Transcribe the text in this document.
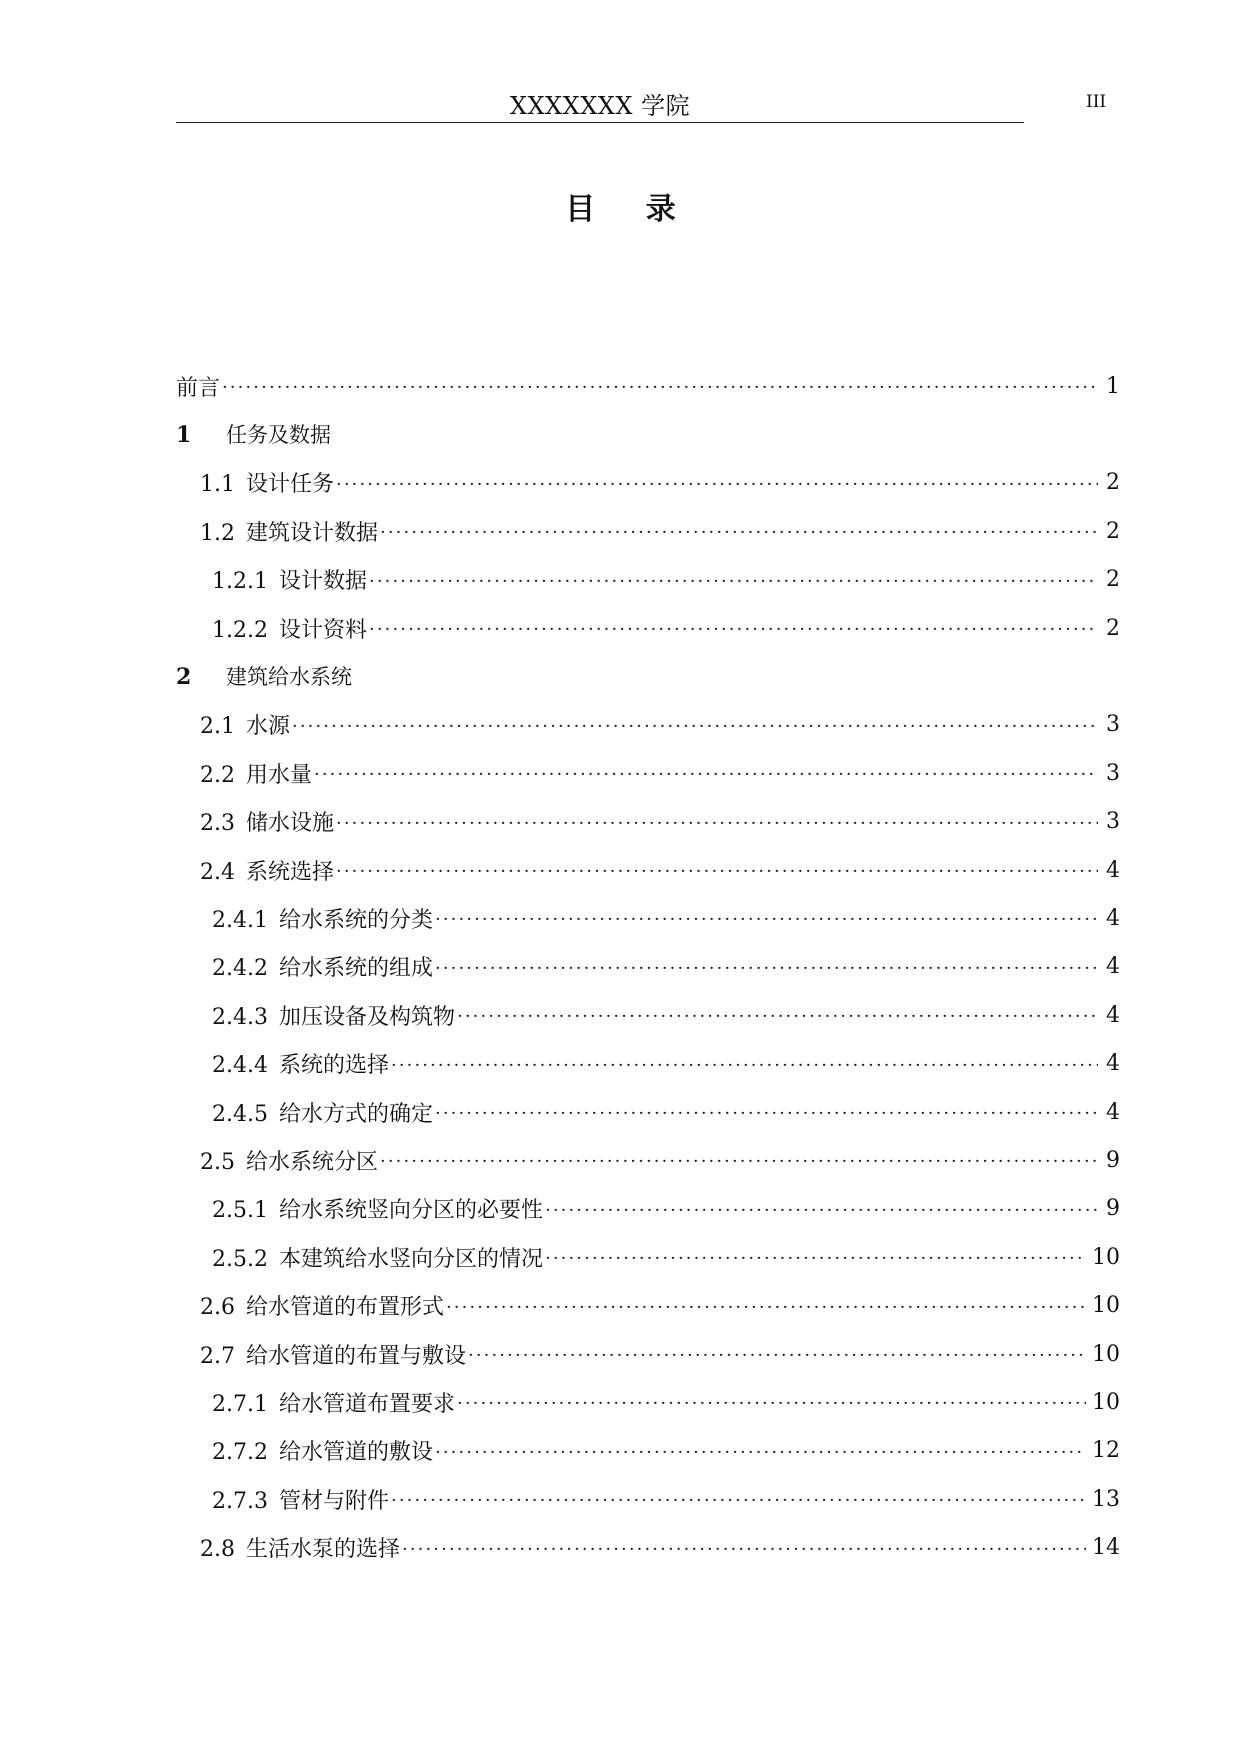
XXXXXXX 学院	III
目 录
前言 ·····	1
1 任务及数据
1.1  设计任务 ·····	2
1.2  建筑设计数据 ·····	2
1.2.1  设计数据 ·····	2
1.2.2  设计资料 ·····	2
2 建筑给水系统
2.1  水源 ·····	3
2.2  用水量 ·····	3
2.3  储水设施 ·····	3
2.4  系统选择 ·····	4
2.4.1  给水系统的分类 ·····	4
2.4.2  给水系统的组成 ·····	4
2.4.3  加压设备及构筑物 ·····	4
2.4.4  系统的选择 ·····	4
2.4.5  给水方式的确定 ·····	4
2.5  给水系统分区 ·····	9
2.5.1  给水系统竖向分区的必要性 ·····	9
2.5.2  本建筑给水竖向分区的情况 ·····	10
2.6  给水管道的布置形式 ·····	10
2.7  给水管道的布置与敷设 ·····	10
2.7.1  给水管道布置要求 ·····	10
2.7.2  给水管道的敷设 ·····	12
2.7.3  管材与附件 ·····	13
2.8  生活水泵的选择 ·····	14
